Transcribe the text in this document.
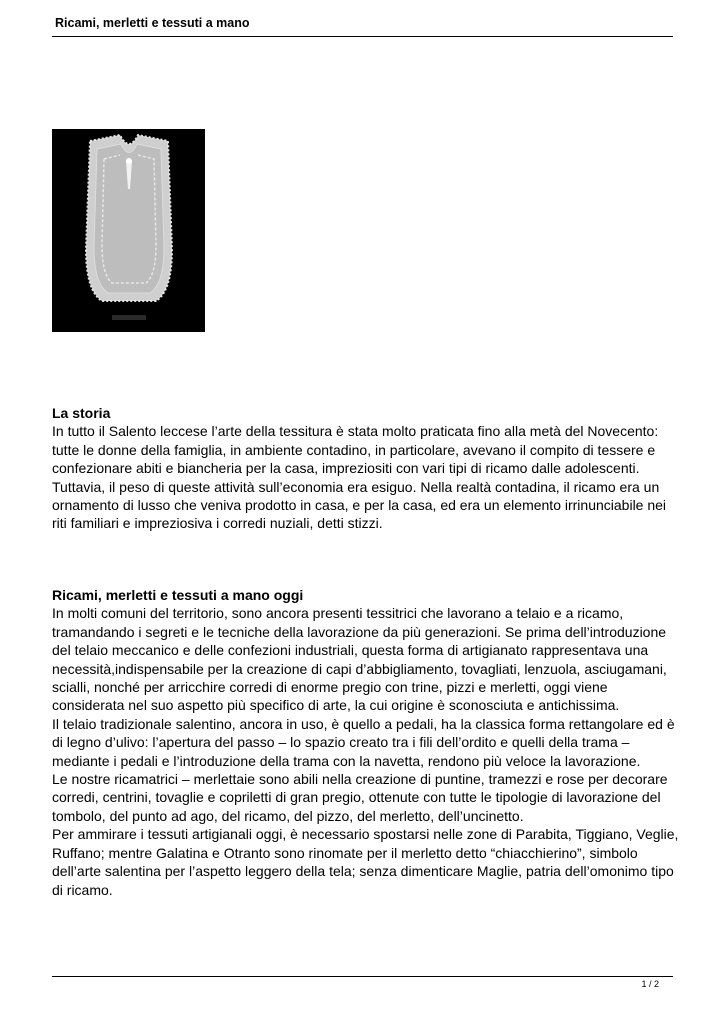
Ricami, merletti e tessuti a mano

La storia

In tutto il Salento leccese l’arte della tessitura è stata molto praticata fino alla metà del Novecento: tutte le donne della famiglia, in ambiente contadino, in particolare, avevano il compito di tessere e confezionare abiti e biancheria per la casa, impreziositi con vari tipi di ricamo dalle adolescenti. Tuttavia, il peso di queste attività sull’economia era esiguo. Nella realtà contadina, il ricamo era un ornamento di lusso che veniva prodotto in casa, e per la casa, ed era un elemento irrinunciabile nei riti familiari e impreziosiva i corredi nuziali, detti stizzi.

Ricami, merletti e tessuti a mano oggi

In molti comuni del territorio, sono ancora presenti tessitrici che lavorano a telaio e a ricamo, tramandando i segreti e le tecniche della lavorazione da più generazioni. Se prima dell’introduzione del telaio meccanico e delle confezioni industriali, questa forma di artigianato rappresentava una necessità,indispensabile per la creazione di capi d’abbigliamento, tovagliati, lenzuola, asciugamani, scialli, nonché per arricchire corredi di enorme pregio con trine, pizzi e merletti, oggi viene considerata nel suo aspetto più specifico di arte, la cui origine è sconosciuta e antichissima.

Il telaio tradizionale salentino, ancora in uso, è quello a pedali, ha la classica forma rettangolare ed è di legno d’ulivo: l’apertura del passo – lo spazio creato tra i fili dell’ordito e quelli della trama – mediante i pedali e l’introduzione della trama con la navetta, rendono più veloce la lavorazione.

Le nostre ricamatrici – merlettaie sono abili nella creazione di puntine, tramezzi e rose per decorare corredi, centrini, tovaglie e copriletti di gran pregio, ottenute con tutte le tipologie di lavorazione del tombolo, del punto ad ago, del ricamo, del pizzo, del merletto, dell’uncinetto.

Per ammirare i tessuti artigianali oggi, è necessario spostarsi nelle zone di Parabita, Tiggiano, Veglie, Ruffano; mentre Galatina e Otranto sono rinomate per il merletto detto “chiacchierino”, simbolo dell’arte salentina per l’aspetto leggero della tela; senza dimenticare Maglie, patria dell’omonimo tipo di ricamo.

1 / 2
